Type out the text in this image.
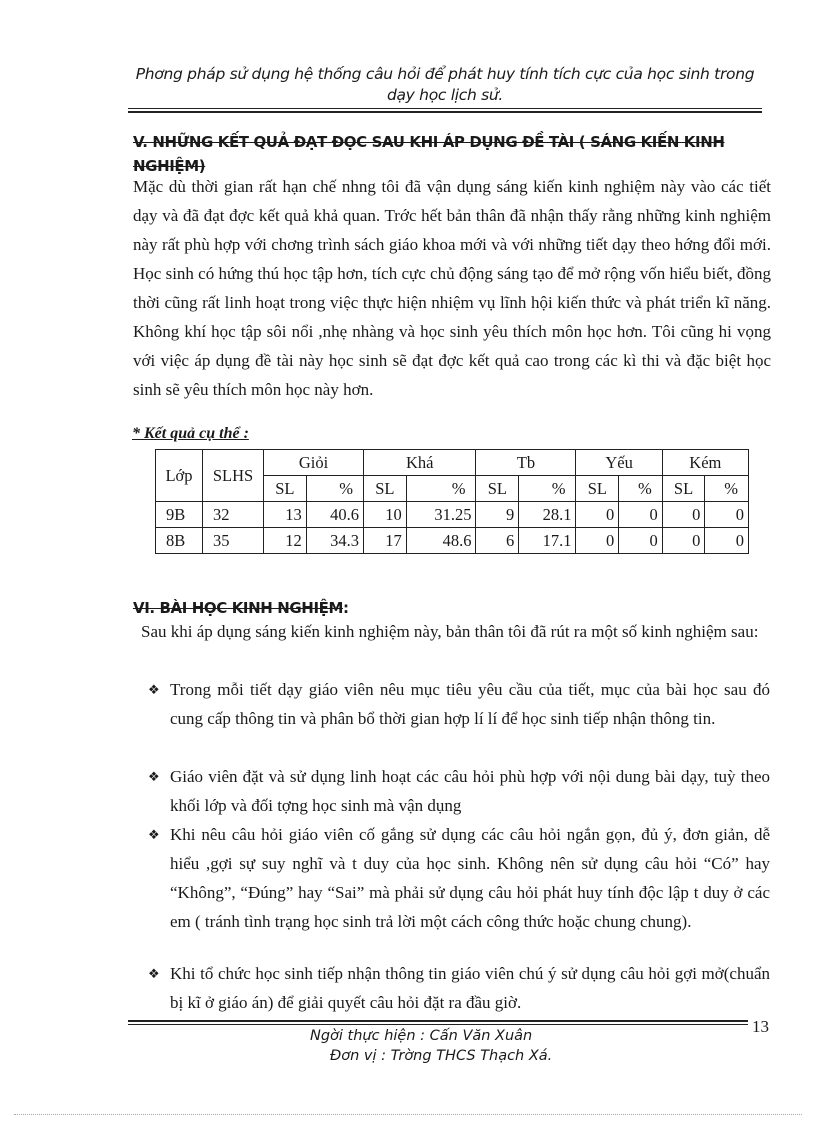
Phơng pháp sử dụng hệ thống câu hỏi để phát huy tính tích cực của học sinh trong dạy học lịch sử.
V. NHỮNG KẾT QUẢ ĐẠT ĐỌC SAU KHI ÁP DỤNG ĐỀ TÀI ( SÁNG KIẾN KINH NGHIỆM)
Mặc dù thời gian rất hạn chế nhng tôi đã vận dụng sáng kiến kinh nghiệm này vào các tiết dạy và đã đạt đợc kết quả khả quan. Trớc hết bản thân đã nhận thấy rằng những kinh nghiệm này rất phù hợp với chơng trình sách giáo khoa mới và với những tiết dạy theo hớng đổi mới. Học sinh có hứng thú học tập hơn, tích cực chủ động sáng tạo để mở rộng vốn hiểu biết, đồng thời cũng rất linh hoạt trong việc thực hiện nhiệm vụ lĩnh hội kiến thức và phát triển kĩ năng. Không khí học tập sôi nổi ,nhẹ nhàng và học sinh yêu thích môn học hơn. Tôi cũng hi vọng với việc áp dụng đề tài này học sinh sẽ đạt đợc kết quả cao trong các kì thi và đặc biệt học sinh sẽ yêu thích môn học này hơn.
* Kết quả cụ thể :
Lớp	SLHS	Giỏi		Khá		Tb		Yếu		Kém	
		SL	%	SL	%	SL	%	SL	%	SL	%
9B	32	13	40.6	10	31.25	9	28.1	0	0	0	0
8B	35	12	34.3	17	48.6	6	17.1	0	0	0	0
VI. BÀI HỌC KINH NGHIỆM:
Sau khi áp dụng sáng kiến kinh nghiệm này, bản thân tôi đã rút ra một số kinh nghiệm sau:
❖ Trong mỗi tiết dạy giáo viên nêu mục tiêu yêu cầu của tiết, mục của bài học sau đó cung cấp thông tin và phân bổ thời gian hợp lí lí để học sinh tiếp nhận thông tin.
❖ Giáo viên đặt và sử dụng linh hoạt các câu hỏi phù hợp với nội dung bài dạy, tuỳ theo khối lớp và đối tợng học sinh mà vận dụng
❖ Khi nêu câu hỏi giáo viên cố gắng sử dụng các câu hỏi ngắn gọn, đủ ý, đơn giản, dễ hiểu ,gợi sự suy nghĩ và t duy của học sinh. Không nên sử dụng câu hỏi “Có” hay “Không”, “Đúng” hay “Sai” mà phải sử dụng câu hỏi phát huy tính độc lập t duy ở các em ( tránh tình trạng học sinh trả lời một cách công thức hoặc chung chung).
❖ Khi tổ chức học sinh tiếp nhận thông tin giáo viên chú ý sử dụng câu hỏi gợi mở(chuẩn bị kĩ ở giáo án) để giải quyết câu hỏi đặt ra đầu giờ.
13
Ngời thực hiện : Cấn Văn Xuân
Đơn vị : Trờng THCS Thạch Xá.
